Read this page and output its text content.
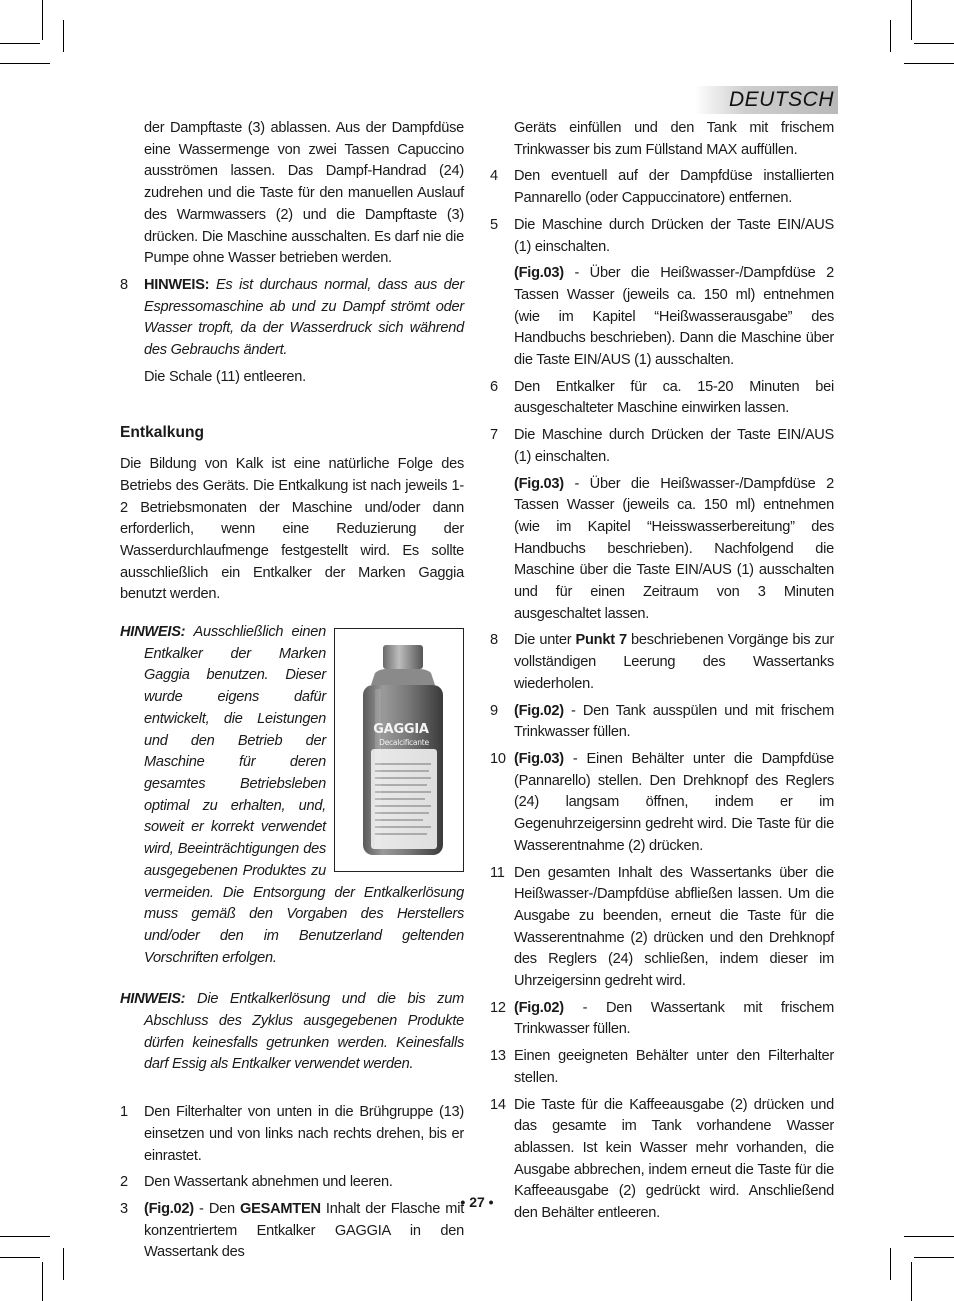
DEUTSCH

der Dampftaste (3) ablassen. Aus der Dampfdüse eine Wassermenge von zwei Tassen Capuccino ausströmen lassen. Das Dampf-Handrad (24) zudrehen und die Taste für den manuellen Auslauf des Warmwassers (2) und die Dampftaste (3) drücken. Die Maschine ausschalten. Es darf nie die Pumpe ohne Wasser betrieben werden.

8	HINWEIS: Es ist durchaus normal, dass aus der Espressomaschine ab und zu Dampf strömt oder Wasser tropft, da der Wasserdruck sich während des Gebrauchs ändert.

Die Schale (11) entleeren.

Entkalkung

Die Bildung von Kalk ist eine natürliche Folge des Betriebs des Geräts. Die Entkalkung ist nach jeweils 1-2 Betriebsmonaten der Maschine und/oder dann erforderlich, wenn eine Reduzierung der Wasserdurchlaufmenge festgestellt wird. Es sollte ausschließlich ein Entkalker der Marken Gaggia benutzt werden.

GAGGIA
Decalcificante

HINWEIS: Ausschließlich einen Entkalker der Marken Gaggia benutzen. Dieser wurde eigens dafür entwickelt, die Leistungen und den Betrieb der Maschine für deren gesamtes Betriebsleben optimal zu erhalten, und, soweit er korrekt verwendet wird, Beeinträchtigungen des ausgegebenen Produktes zu vermeiden. Die Entsorgung der Entkalkerlösung muss gemäß den Vorgaben des Herstellers und/oder den im Benutzerland geltenden Vorschriften erfolgen.

HINWEIS: Die Entkalkerlösung und die bis zum Abschluss des Zyklus ausgegebenen Produkte dürfen keinesfalls getrunken werden. Keinesfalls darf Essig als Entkalker verwendet werden.

1	Den Filterhalter von unten in die Brühgruppe (13) einsetzen und von links nach rechts drehen, bis er einrastet.
2	Den Wassertank abnehmen und leeren.
3	(Fig.02) - Den GESAMTEN Inhalt der Flasche mit konzentriertem Entkalker GAGGIA in den Wassertank des

Geräts einfüllen und den Tank mit frischem Trinkwasser bis zum Füllstand MAX auffüllen.

4	Den eventuell auf der Dampfdüse installierten Pannarello (oder Cappuccinatore) entfernen.
5	Die Maschine durch Drücken der Taste EIN/AUS (1) einschalten.

(Fig.03) - Über die Heißwasser-/Dampfdüse 2 Tassen Wasser (jeweils ca. 150 ml) entnehmen (wie im Kapitel “Heißwasserausgabe” des Handbuchs beschrieben). Dann die Maschine über die Taste EIN/AUS (1) ausschalten.

6	Den Entkalker für ca. 15-20 Minuten bei ausgeschalteter Maschine einwirken lassen.
7	Die Maschine durch Drücken der Taste EIN/AUS (1) einschalten.

(Fig.03) - Über die Heißwasser-/Dampfdüse 2 Tassen Wasser (jeweils ca. 150 ml) entnehmen (wie im Kapitel “Heisswasserbereitung” des Handbuchs beschrieben). Nachfolgend die Maschine über die Taste EIN/AUS (1) ausschalten und für einen Zeitraum von 3 Minuten ausgeschaltet lassen.

8	Die unter Punkt 7 beschriebenen Vorgänge bis zur vollständigen Leerung des Wassertanks wiederholen.
9	(Fig.02) - Den Tank ausspülen und mit frischem Trinkwasser füllen.
10 (Fig.03) - Einen Behälter unter die Dampfdüse (Pannarello) stellen. Den Drehknopf des Reglers (24) langsam öffnen, indem er im Gegenuhrzeigersinn gedreht wird. Die Taste für die Wasserentnahme (2) drücken.
11 Den gesamten Inhalt des Wassertanks über die Heißwasser-/Dampfdüse abfließen lassen. Um die Ausgabe zu beenden, erneut die Taste für die Wasserentnahme (2) drücken und den Drehknopf des Reglers (24) schließen, indem dieser im Uhrzeigersinn gedreht wird.
12 (Fig.02) - Den Wassertank mit frischem Trinkwasser füllen.
13 Einen geeigneten Behälter unter den Filterhalter stellen.
14 Die Taste für die Kaffeeausgabe (2) drücken und das gesamte im Tank vorhandene Wasser ablassen. Ist kein Wasser mehr vorhanden, die Ausgabe abbrechen, indem erneut die Taste für die Kaffeeausgabe (2) gedrückt wird. Anschließend den Behälter entleeren.
• 27 •
